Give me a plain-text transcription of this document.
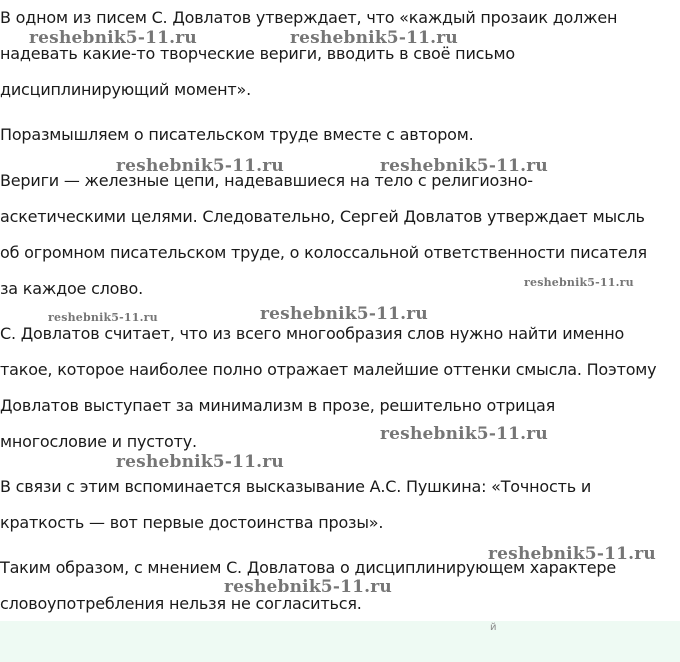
В одном из писем С. Довлатов утверждает, что «каждый прозаик должен
надевать какие-то творческие вериги, вводить в своё письмо
дисциплинирующий момент».
Поразмышляем о писательском труде вместе с автором.
Вериги — железные цепи, надевавшиеся на тело с религиозно-
аскетическими целями. Следовательно, Сергей Довлатов утверждает мысль
об огромном писательском труде, о колоссальной ответственности писателя
за каждое слово.
С. Довлатов считает, что из всего многообразия слов нужно найти именно
такое, которое наиболее полно отражает малейшие оттенки смысла. Поэтому
Довлатов выступает за минимализм в прозе, решительно отрицая
многословие и пустоту.
В связи с этим вспоминается высказывание А.С. Пушкина: «Точность и
краткость — вот первые достоинства прозы».
Таким образом, с мнением С. Довлатова о дисциплинирующем характере
словоупотребления нельзя не согласиться.
reshebnik5-11.ru	reshebnik5-11.ru
reshebnik5-11.ru	reshebnik5-11.ru
reshebnik5-11.ru
reshebnik5-11.ru	reshebnik5-11.ru
reshebnik5-11.ru
reshebnik5-11.ru
reshebnik5-11.ru
reshebnik5-11.ru
й
